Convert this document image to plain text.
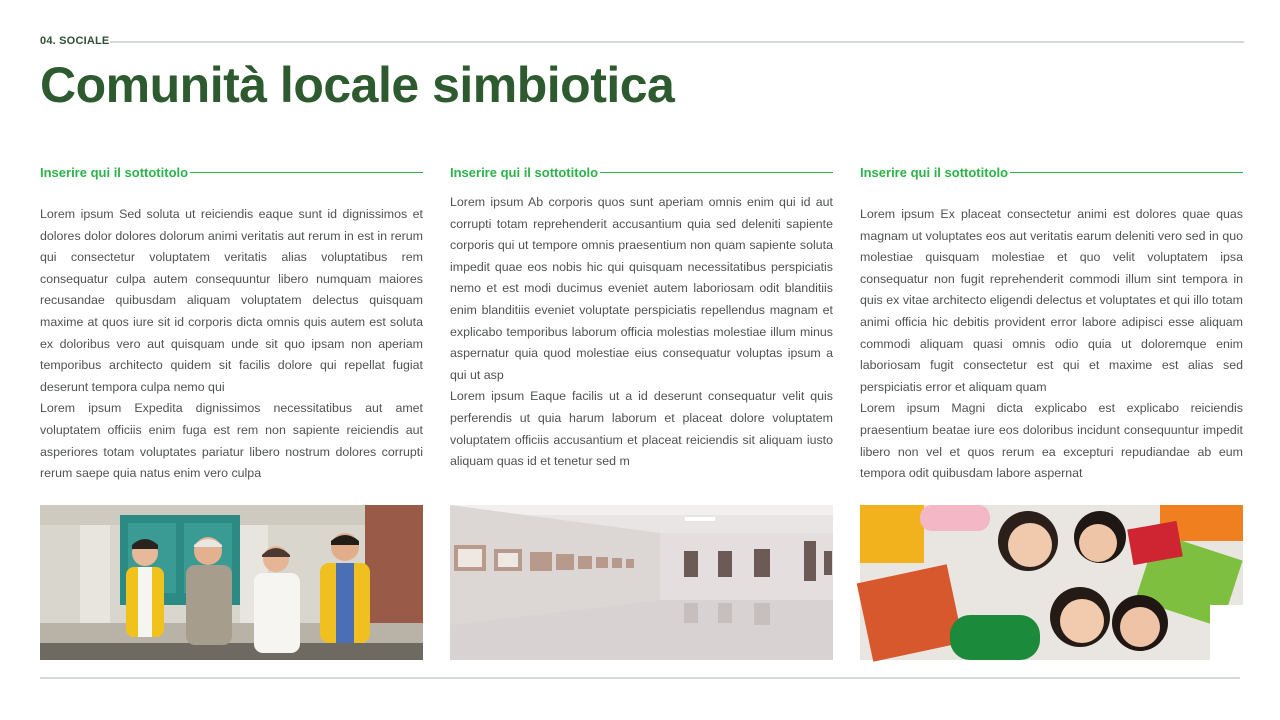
04. SOCIALE
Comunità locale simbiotica
Inserire qui il sottotitolo

Lorem ipsum Sed soluta ut reiciendis eaque sunt id dignissimos et dolores dolor dolores dolorum animi veritatis aut rerum in est in rerum qui consectetur voluptatem veritatis alias voluptatibus rem consequatur culpa autem consequuntur libero numquam maiores recusandae quibusdam aliquam voluptatem delectus quisquam maxime at quos iure sit id corporis dicta omnis quis autem est soluta ex doloribus vero aut quisquam unde sit quo ipsam non aperiam temporibus architecto quidem sit facilis dolore qui repellat fugiat deserunt tempora culpa nemo qui

Lorem ipsum Expedita dignissimos necessitatibus aut amet voluptatem officiis enim fuga est rem non sapiente reiciendis aut asperiores totam voluptates pariatur libero nostrum dolores corrupti rerum saepe quia natus enim vero culpa

Inserire qui il sottotitolo

Lorem ipsum Ab corporis quos sunt aperiam omnis enim qui id aut corrupti totam reprehenderit accusantium quia sed deleniti sapiente corporis qui ut tempore omnis praesentium non quam sapiente soluta impedit quae eos nobis hic qui quisquam necessitatibus perspiciatis nemo et est modi ducimus eveniet autem laboriosam odit blanditiis enim blanditiis eveniet voluptate perspiciatis repellendus magnam et explicabo temporibus laborum officia molestias molestiae illum minus aspernatur quia quod molestiae eius consequatur voluptas ipsum a qui ut asp

Lorem ipsum Eaque facilis ut a id deserunt consequatur velit quis perferendis ut quia harum laborum et placeat dolore voluptatem voluptatem officiis accusantium et placeat reiciendis sit aliquam iusto aliquam quas id et tenetur sed m

Inserire qui il sottotitolo

Lorem ipsum Ex placeat consectetur animi est dolores quae quas magnam ut voluptates eos aut veritatis earum deleniti vero sed in quo molestiae quisquam molestiae et quo velit voluptatem ipsa consequatur non fugit reprehenderit commodi illum sint tempora in quis ex vitae architecto eligendi delectus et voluptates et qui illo totam animi officia hic debitis provident error labore adipisci esse aliquam commodi aliquam quasi omnis odio quia ut doloremque enim laboriosam fugit consectetur est qui et maxime est alias sed perspiciatis error et aliquam quam

Lorem ipsum Magni dicta explicabo est explicabo reiciendis praesentium beatae iure eos doloribus incidunt consequuntur impedit libero non vel et quos rerum ea excepturi repudiandae ab eum tempora odit quibusdam labore aspernat
